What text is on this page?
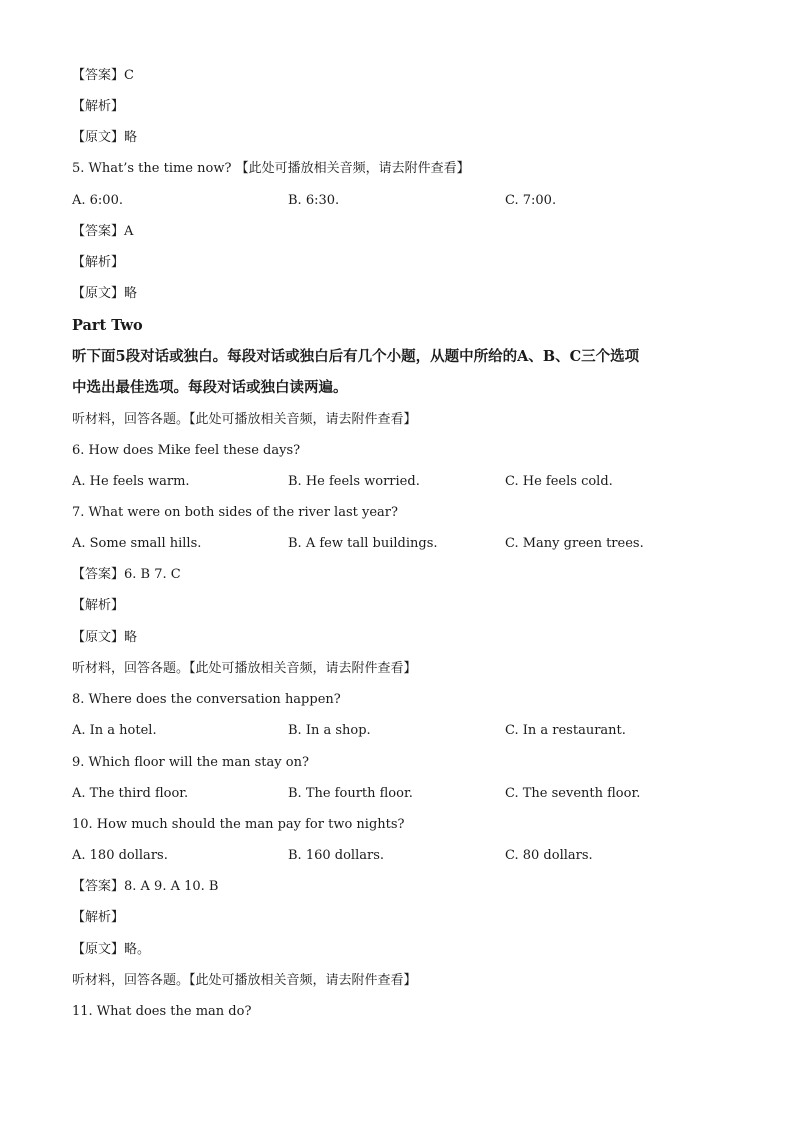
【答案】C
【解析】
【原文】略
5. What’s the time now? 【此处可播放相关音频，请去附件查看】
A. 6:00.	B. 6:30.	C. 7:00.
【答案】A
【解析】
【原文】略
Part Two
听下面5段对话或独白。每段对话或独白后有几个小题，从题中所给的A、B、C三个选项
中选出最佳选项。每段对话或独白读两遍。
听材料，回答各题。【此处可播放相关音频，请去附件查看】
6. How does Mike feel these days?
A. He feels warm.	B. He feels worried.	C. He feels cold.
7. What were on both sides of the river last year?
A. Some small hills.	B. A few tall buildings.	C. Many green trees.
【答案】6. B 7. C
【解析】
【原文】略
听材料，回答各题。【此处可播放相关音频，请去附件查看】
8. Where does the conversation happen?
A. In a hotel.	B. In a shop.	C. In a restaurant.
9. Which floor will the man stay on?
A. The third floor.	B. The fourth floor.	C. The seventh floor.
10. How much should the man pay for two nights?
A. 180 dollars.	B. 160 dollars.	C. 80 dollars.
【答案】8. A 9. A 10. B
【解析】
【原文】略。
听材料，回答各题。【此处可播放相关音频，请去附件查看】
11. What does the man do?
